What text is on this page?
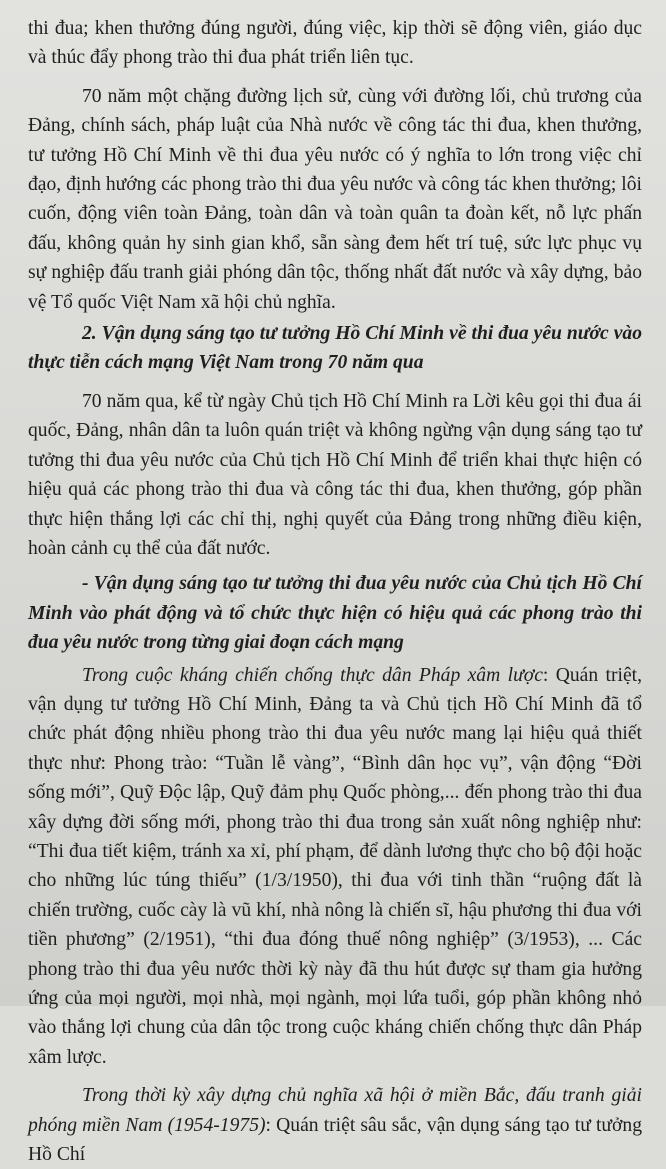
thi đua; khen thưởng đúng người, đúng việc, kịp thời sẽ động viên, giáo dục và thúc đẩy phong trào thi đua phát triển liên tục.

70 năm một chặng đường lịch sử, cùng với đường lối, chủ trương của Đảng, chính sách, pháp luật của Nhà nước về công tác thi đua, khen thưởng, tư tưởng Hồ Chí Minh về thi đua yêu nước có ý nghĩa to lớn trong việc chỉ đạo, định hướng các phong trào thi đua yêu nước và công tác khen thưởng; lôi cuốn, động viên toàn Đảng, toàn dân và toàn quân ta đoàn kết, nỗ lực phấn đấu, không quản hy sinh gian khổ, sẵn sàng đem hết trí tuệ, sức lực phục vụ sự nghiệp đấu tranh giải phóng dân tộc, thống nhất đất nước và xây dựng, bảo vệ Tổ quốc Việt Nam xã hội chủ nghĩa.

2. Vận dụng sáng tạo tư tưởng Hồ Chí Minh về thi đua yêu nước vào thực tiễn cách mạng Việt Nam trong 70 năm qua

70 năm qua, kể từ ngày Chủ tịch Hồ Chí Minh ra Lời kêu gọi thi đua ái quốc, Đảng, nhân dân ta luôn quán triệt và không ngừng vận dụng sáng tạo tư tưởng thi đua yêu nước của Chủ tịch Hồ Chí Minh để triển khai thực hiện có hiệu quả các phong trào thi đua và công tác thi đua, khen thưởng, góp phần thực hiện thắng lợi các chỉ thị, nghị quyết của Đảng trong những điều kiện, hoàn cảnh cụ thể của đất nước.

- Vận dụng sáng tạo tư tưởng thi đua yêu nước của Chủ tịch Hồ Chí Minh vào phát động và tổ chức thực hiện có hiệu quả các phong trào thi đua yêu nước trong từng giai đoạn cách mạng

Trong cuộc kháng chiến chống thực dân Pháp xâm lược: Quán triệt, vận dụng tư tưởng Hồ Chí Minh, Đảng ta và Chủ tịch Hồ Chí Minh đã tổ chức phát động nhiều phong trào thi đua yêu nước mang lại hiệu quả thiết thực như: Phong trào: “Tuần lễ vàng”, “Bình dân học vụ”, vận động “Đời sống mới”, Quỹ Độc lập, Quỹ đảm phụ Quốc phòng,... đến phong trào thi đua xây dựng đời sống mới, phong trào thi đua trong sản xuất nông nghiệp như: “Thi đua tiết kiệm, tránh xa xỉ, phí phạm, để dành lương thực cho bộ đội hoặc cho những lúc túng thiếu” (1/3/1950), thi đua với tinh thần “ruộng đất là chiến trường, cuốc cày là vũ khí, nhà nông là chiến sĩ, hậu phương thi đua với tiền phương” (2/1951), “thi đua đóng thuế nông nghiệp” (3/1953), ... Các phong trào thi đua yêu nước thời kỳ này đã thu hút được sự tham gia hưởng ứng của mọi người, mọi nhà, mọi ngành, mọi lứa tuổi, góp phần không nhỏ vào thắng lợi chung của dân tộc trong cuộc kháng chiến chống thực dân Pháp xâm lược.

Trong thời kỳ xây dựng chủ nghĩa xã hội ở miền Bắc, đấu tranh giải phóng miền Nam (1954-1975): Quán triệt sâu sắc, vận dụng sáng tạo tư tưởng Hồ Chí
